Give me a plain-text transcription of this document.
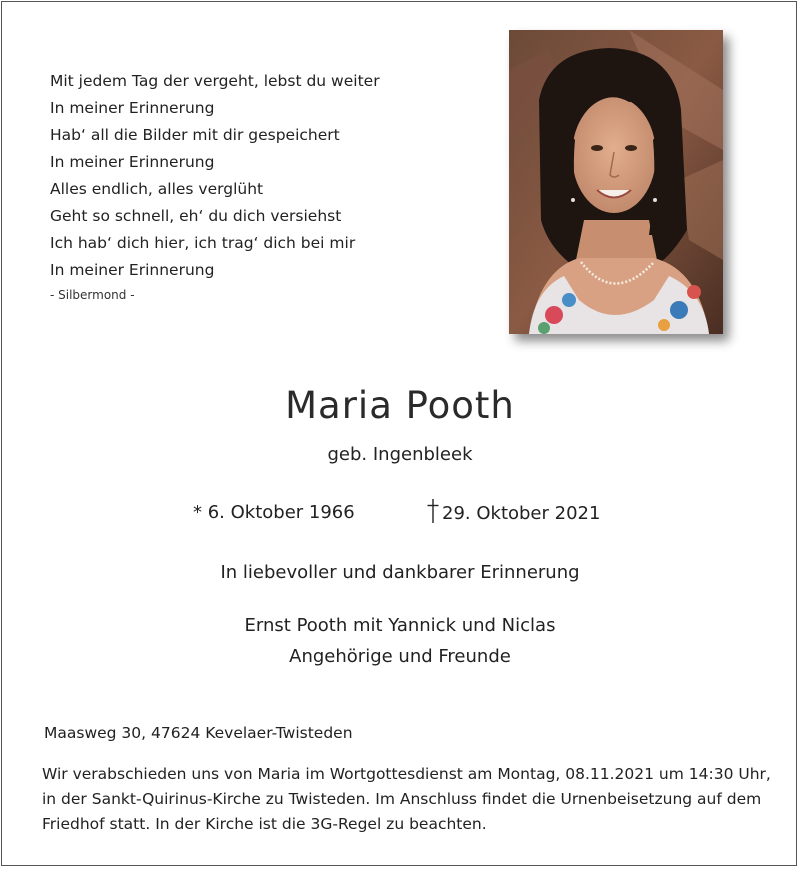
Mit jedem Tag der vergeht, lebst du weiter
In meiner Erinnerung
Hab‘ all die Bilder mit dir gespeichert
In meiner Erinnerung
Alles endlich, alles verglüht
Geht so schnell, eh‘ du dich versiehst
Ich hab‘ dich hier, ich trag‘ dich bei mir
In meiner Erinnerung
- Silbermond -
Maria Pooth
geb. Ingenbleek
* 6. Oktober 1966	29. Oktober 2021
In liebevoller und dankbarer Erinnerung
Ernst Pooth mit Yannick und Niclas
Angehörige und Freunde
Maasweg 30, 47624 Kevelaer-Twisteden
Wir verabschieden uns von Maria im Wortgottesdienst am Montag, 08.11.2021 um 14:30 Uhr,
in der Sankt-Quirinus-Kirche zu Twisteden. Im Anschluss findet die Urnenbeisetzung auf dem
Friedhof statt. In der Kirche ist die 3G-Regel zu beachten.
